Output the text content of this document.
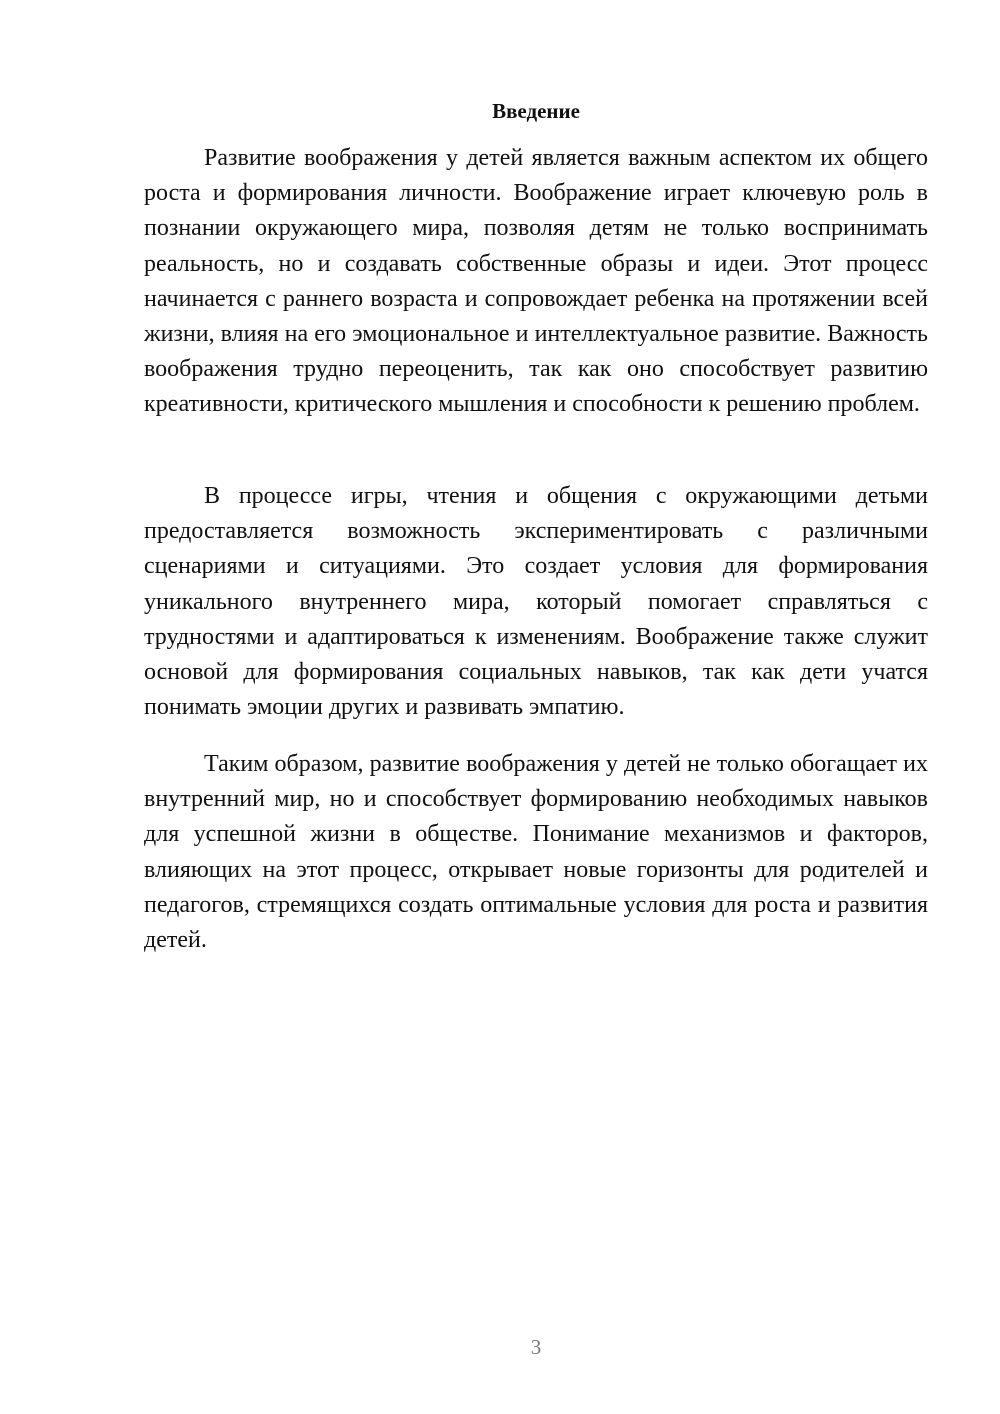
Введение

Развитие воображения у детей является важным аспектом их общего роста и формирования личности. Воображение играет ключевую роль в познании окружающего мира, позволяя детям не только воспринимать реальность, но и создавать собственные образы и идеи. Этот процесс начинается с раннего возраста и сопровождает ребенка на протяжении всей жизни, влияя на его эмоциональное и интеллектуальное развитие. Важность воображения трудно переоценить, так как оно способствует развитию креативности, критического мышления и способности к решению проблем.

В процессе игры, чтения и общения с окружающими детьми предоставляется возможность экспериментировать с различными сценариями и ситуациями. Это создает условия для формирования уникального внутреннего мира, который помогает справляться с трудностями и адаптироваться к изменениям. Воображение также служит основой для формирования социальных навыков, так как дети учатся понимать эмоции других и развивать эмпатию.

Таким образом, развитие воображения у детей не только обогащает их внутренний мир, но и способствует формированию необходимых навыков для успешной жизни в обществе. Понимание механизмов и факторов, влияющих на этот процесс, открывает новые горизонты для родителей и педагогов, стремящихся создать оптимальные условия для роста и развития детей.

3
